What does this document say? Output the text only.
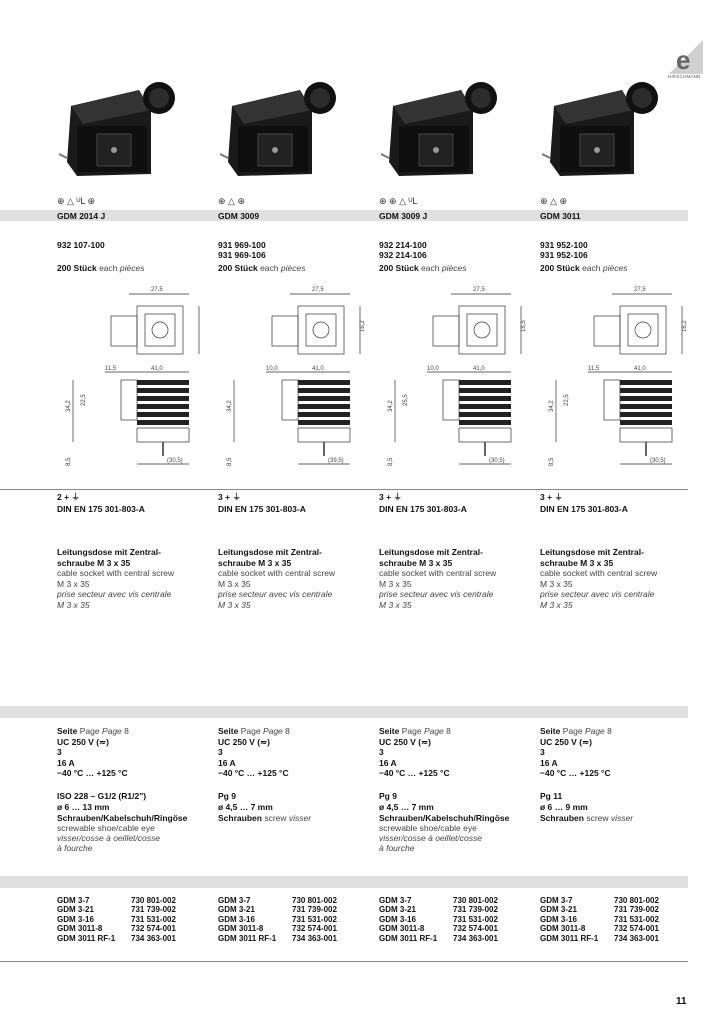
e
HIRSCHMANN
⊕ △ ᵁL ⊕
GDM 2014 J
932 107-100
200 Stück each pièces
27,5
11,5	41,0
34,2
22,5
8,5	(30,5)
2 + ⏚
DIN EN 175 301-803-A
Leitungsdose mit Zentral-
schraube M 3 x 35
cable socket with central screw
M 3 x 35
prise secteur avec vis centrale
M 3 x 35
Seite Page Page 8
UC 250 V (≂)
3
16 A
−40 °C … +125 °C
ISO 228 – G1/2 (R1/2")
ø 6 … 13 mm
Schrauben/Kabelschuh/Ringöse
screwable shoe/cable eye
visser/cosse à oeillet/cosse à fourche
GDM 3-7	730 801-002
GDM 3-21	731 739-002
GDM 3-16	731 531-002
GDM 3011-8	732 574-001
GDM 3011 RF-1 734 363-001
⊕ △ ⊕
GDM 3009
931 969-100
931 969-106
200 Stück each pièces
27,5
16,2
10,0	41,0
34,2
8,5	(39,5)
3 + ⏚
DIN EN 175 301-803-A
Leitungsdose mit Zentral-
schraube M 3 x 35
cable socket with central screw
M 3 x 35
prise secteur avec vis centrale
M 3 x 35
Seite Page Page 8
UC 250 V (≂)
3
16 A
−40 °C … +125 °C
Pg 9
ø 4,5 … 7 mm
Schrauben screw visser
GDM 3-7	730 801-002
GDM 3-21	731 739-002
GDM 3-16	731 531-002
GDM 3011-8	732 574-001
GDM 3011 RF-1 734 363-001
⊕ ⊕ △ ᵁL
GDM 3009 J
932 214-100
932 214-106
200 Stück each pièces
27,5
18,5
10,0	41,0
34,2
25,5
8,5	(30,5)
3 + ⏚
DIN EN 175 301-803-A
Leitungsdose mit Zentral-
schraube M 3 x 35
cable socket with central screw
M 3 x 35
prise secteur avec vis centrale
M 3 x 35
Seite Page Page 8
UC 250 V (≂)
3
16 A
−40 °C … +125 °C
Pg 9
ø 4,5 … 7 mm
Schrauben/Kabelschuh/Ringöse
screwable shoe/cable eye
visser/cosse à oeillet/cosse à fourche
GDM 3-7	730 801-002
GDM 3-21	731 739-002
GDM 3-16	731 531-002
GDM 3011-8	732 574-001
GDM 3011 RF-1 734 363-001
⊕ △ ⊕
GDM 3011
931 952-100
931 952-106
200 Stück each pièces
27,5
16,2
11,5	41,0
34,2
22,5
8,5	(30,5)
3 + ⏚
DIN EN 175 301-803-A
Leitungsdose mit Zentral-
schraube M 3 x 35
cable socket with central screw
M 3 x 35
prise secteur avec vis centrale
M 3 x 35
Seite Page Page 8
UC 250 V (≂)
3
16 A
−40 °C … +125 °C
Pg 11
ø 6 … 9 mm
Schrauben screw visser
GDM 3-7	730 801-002
GDM 3-21	731 739-002
GDM 3-16	731 531-002
GDM 3011-8	732 574-001
GDM 3011 RF-1 734 363-001
11
